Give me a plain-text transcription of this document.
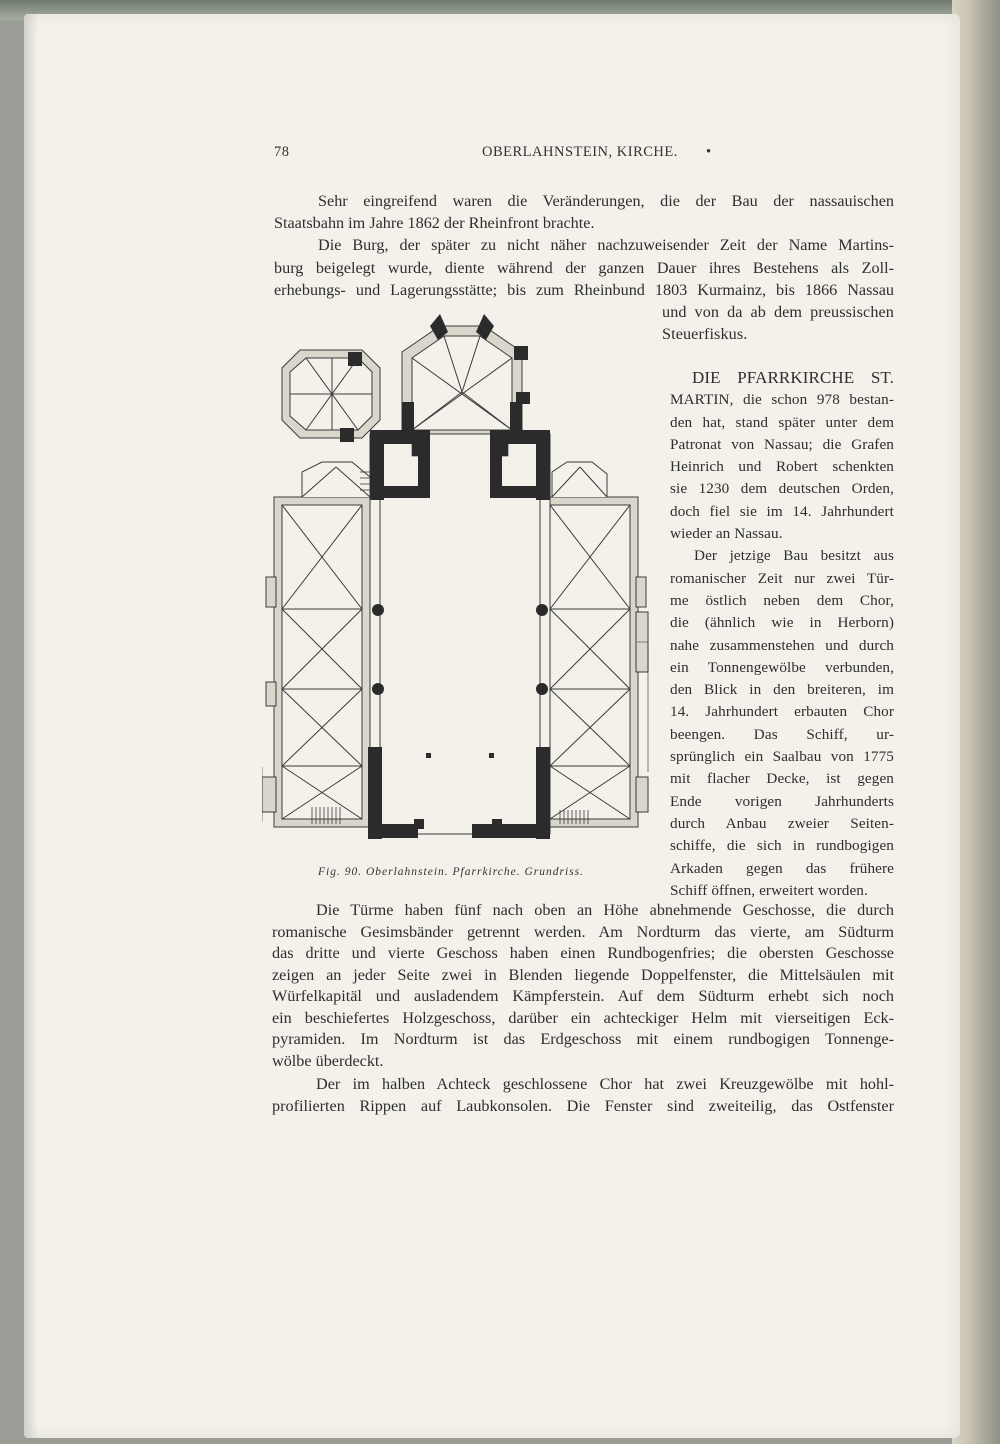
78	OBERLAHNSTEIN, KIRCHE. •
Sehr eingreifend waren die Veränderungen, die der Bau der nassauischen
Staatsbahn im Jahre 1862 der Rheinfront brachte.
Die Burg, der später zu nicht näher nachzuweisender Zeit der Name Martins-
burg beigelegt wurde, diente während der ganzen Dauer ihres Bestehens als Zoll-
erhebungs- und Lagerungsstätte; bis zum Rheinbund 1803 Kurmainz, bis 1866 Nassau
und von da ab dem preussischen
Steuerfiskus.
DIE PFARRKIRCHE ST.
MARTIN, die schon 978 bestan-
den hat, stand später unter dem
Patronat von Nassau; die Grafen
Heinrich und Robert schenkten
sie 1230 dem deutschen Orden,
doch fiel sie im 14. Jahrhundert
wieder an Nassau.
Der jetzige Bau besitzt aus
romanischer Zeit nur zwei Tür-
me östlich neben dem Chor,
die (ähnlich wie in Herborn)
nahe zusammenstehen und durch
ein Tonnengewölbe verbunden,
den Blick in den breiteren, im
14. Jahrhundert erbauten Chor
beengen. Das Schiff, ur-
sprünglich ein Saalbau von 1775
mit flacher Decke, ist gegen
Ende vorigen Jahrhunderts
durch Anbau zweier Seiten-
schiffe, die sich in rundbogigen
Arkaden gegen das frühere
Schiff öffnen, erweitert worden.
Fig. 90. Oberlahnstein. Pfarrkirche. Grundriss.
Die Türme haben fünf nach oben an Höhe abnehmende Geschosse, die durch
romanische Gesimsbänder getrennt werden. Am Nordturm das vierte, am Südturm
das dritte und vierte Geschoss haben einen Rundbogenfries; die obersten Geschosse
zeigen an jeder Seite zwei in Blenden liegende Doppelfenster, die Mittelsäulen mit
Würfelkapitäl und ausladendem Kämpferstein. Auf dem Südturm erhebt sich noch
ein beschiefertes Holzgeschoss, darüber ein achteckiger Helm mit vierseitigen Eck-
pyramiden. Im Nordturm ist das Erdgeschoss mit einem rundbogigen Tonnenge-
wölbe überdeckt.
Der im halben Achteck geschlossene Chor hat zwei Kreuzgewölbe mit hohl-
profilierten Rippen auf Laubkonsolen. Die Fenster sind zweiteilig, das Ostfenster
